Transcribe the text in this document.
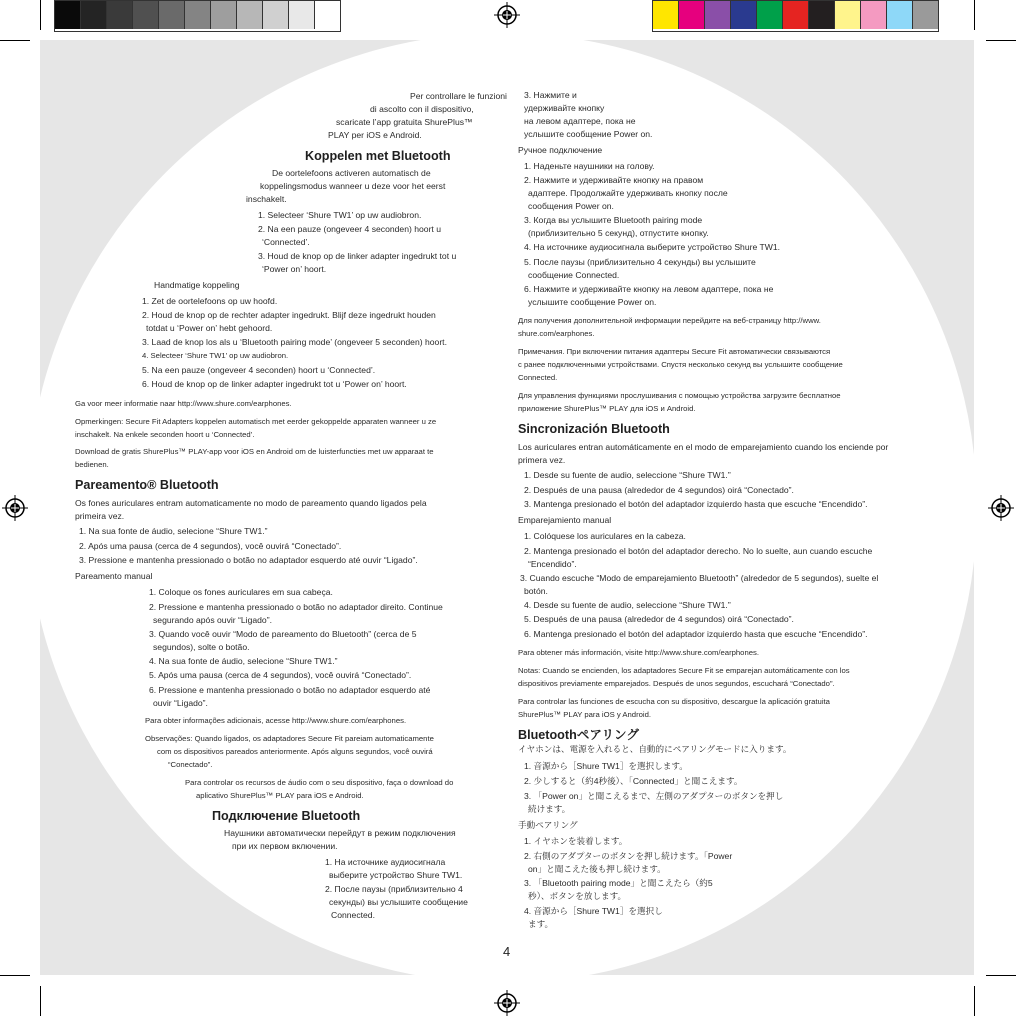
Per controllare le funzioni

di ascolto con il dispositivo,

scaricate l’app gratuita ShurePlus™

PLAY per iOS e Android.

Koppelen met Bluetooth

De oortelefoons activeren automatisch de

koppelingsmodus wanneer u deze voor het eerst

inschakelt.

1. Selecteer ‘Shure TW1’ op uw audiobron.

2. Na een pauze (ongeveer 4 seconden) hoort u

‘Connected’.

3. Houd de knop op de linker adapter ingedrukt tot u

‘Power on’ hoort.

Handmatige koppeling

1. Zet de oortelefoons op uw hoofd.

2. Houd de knop op de rechter adapter ingedrukt. Blijf deze ingedrukt houden

totdat u ‘Power on’ hebt gehoord.

3. Laad de knop los als u ‘Bluetooth pairing mode’ (ongeveer 5 seconden) hoort.

4. Selecteer ‘Shure TW1’ op uw audiobron.

5. Na een pauze (ongeveer 4 seconden) hoort u ‘Connected’.

6. Houd de knop op de linker adapter ingedrukt tot u ‘Power on’ hoort.

Ga voor meer informatie naar http://www.shure.com/earphones.

Opmerkingen: Secure Fit Adapters koppelen automatisch met eerder gekoppelde apparaten wanneer u ze

inschakelt. Na enkele seconden hoort u ‘Connected’.

Download de gratis ShurePlus™ PLAY-app voor iOS en Android om de luisterfuncties met uw apparaat te

bedienen.

Pareamento® Bluetooth

Os fones auriculares entram automaticamente no modo de pareamento quando ligados pela

primeira vez.

1. Na sua fonte de áudio, selecione “Shure TW1.”

2. Após uma pausa (cerca de 4 segundos), você ouvirá “Conectado”.

3. Pressione e mantenha pressionado o botão no adaptador esquerdo até ouvir “Ligado”.

Pareamento manual

1. Coloque os fones auriculares em sua cabeça.

2. Pressione e mantenha pressionado o botão no adaptador direito. Continue

segurando após ouvir “Ligado”.

3. Quando você ouvir “Modo de pareamento do Bluetooth” (cerca de 5

segundos), solte o botão.

4. Na sua fonte de áudio, selecione “Shure TW1.”

5. Após uma pausa (cerca de 4 segundos), você ouvirá “Conectado”.

6. Pressione e mantenha pressionado o botão no adaptador esquerdo até

ouvir “Ligado”.

Para obter informações adicionais, acesse http://www.shure.com/earphones.

Observações: Quando ligados, os adaptadores Secure Fit pareiam automaticamente

com os dispositivos pareados anteriormente. Após alguns segundos, você ouvirá

“Conectado”.

Para controlar os recursos de áudio com o seu dispositivo, faça o download do

aplicativo ShurePlus™ PLAY para iOS e Android.

Подключение Bluetooth

Наушники автоматически перейдут в режим подключения

при их первом включении.

1. На источнике аудиосигнала

выберите устройство Shure TW1.

2. После паузы (приблизительно 4

секунды) вы услышите сообщение

Connected.

3. Нажмите и

удерживайте кнопку

на левом адаптере, пока не

услышите сообщение Power on.

Ручное подключение

1. Наденьте наушники на голову.

2. Нажмите и удерживайте кнопку на правом

адаптере. Продолжайте удерживать кнопку после

сообщения Power on.

3. Когда вы услышите Bluetooth pairing mode

(приблизительно 5 секунд), отпустите кнопку.

4. На источнике аудиосигнала выберите устройство Shure TW1.

5. После паузы (приблизительно 4 секунды) вы услышите

сообщение Connected.

6. Нажмите и удерживайте кнопку на левом адаптере, пока не

услышите сообщение Power on.

Для получения дополнительной информации перейдите на веб-страницу http://www.

shure.com/earphones.

Примечания. При включении питания адаптеры Secure Fit автоматически связываются

с ранее подключенными устройствами. Спустя несколько секунд вы услышите сообщение

Connected.

Для управления функциями прослушивания с помощью устройства загрузите бесплатное

приложение ShurePlus™ PLAY для iOS и Android.

Sincronización Bluetooth

Los auriculares entran automáticamente en el modo de emparejamiento cuando los enciende por

primera vez.

1. Desde su fuente de audio, seleccione “Shure TW1.”

2. Después de una pausa (alrededor de 4 segundos) oirá “Conectado”.

3. Mantenga presionado el botón del adaptador izquierdo hasta que escuche “Encendido”.

Emparejamiento manual

1. Colóquese los auriculares en la cabeza.

2. Mantenga presionado el botón del adaptador derecho. No lo suelte, aun cuando escuche

“Encendido”.

3. Cuando escuche “Modo de emparejamiento Bluetooth” (alrededor de 5 segundos), suelte el

botón.

4. Desde su fuente de audio, seleccione “Shure TW1.”

5. Después de una pausa (alrededor de 4 segundos) oirá “Conectado”.

6. Mantenga presionado el botón del adaptador izquierdo hasta que escuche “Encendido”.

Para obtener más información, visite http://www.shure.com/earphones.

Notas: Cuando se encienden, los adaptadores Secure Fit se emparejan automáticamente con los

dispositivos previamente emparejados. Después de unos segundos, escuchará “Conectado”.

Para controlar las funciones de escucha con su dispositivo, descargue la aplicación gratuita

ShurePlus™ PLAY para iOS y Android.

Bluetoothペアリング

イヤホンは、電源を入れると、自動的にペアリングモードに入ります。

1. 音源から［Shure TW1］を選択します。

2. 少しすると（約4秒後）、「Connected」と聞こえます。

3. 「Power on」と聞こえるまで、左側のアダプターのボタンを押し

続けます。

手動ペアリング

1. イヤホンを装着します。

2. 右側のアダプターのボタンを押し続けます。「Power

on」と聞こえた後も押し続けます。

3. 「Bluetooth pairing mode」と聞こえたら（約5

秒）、ボタンを放します。

4. 音源から［Shure TW1］を選択し

ます。

4
